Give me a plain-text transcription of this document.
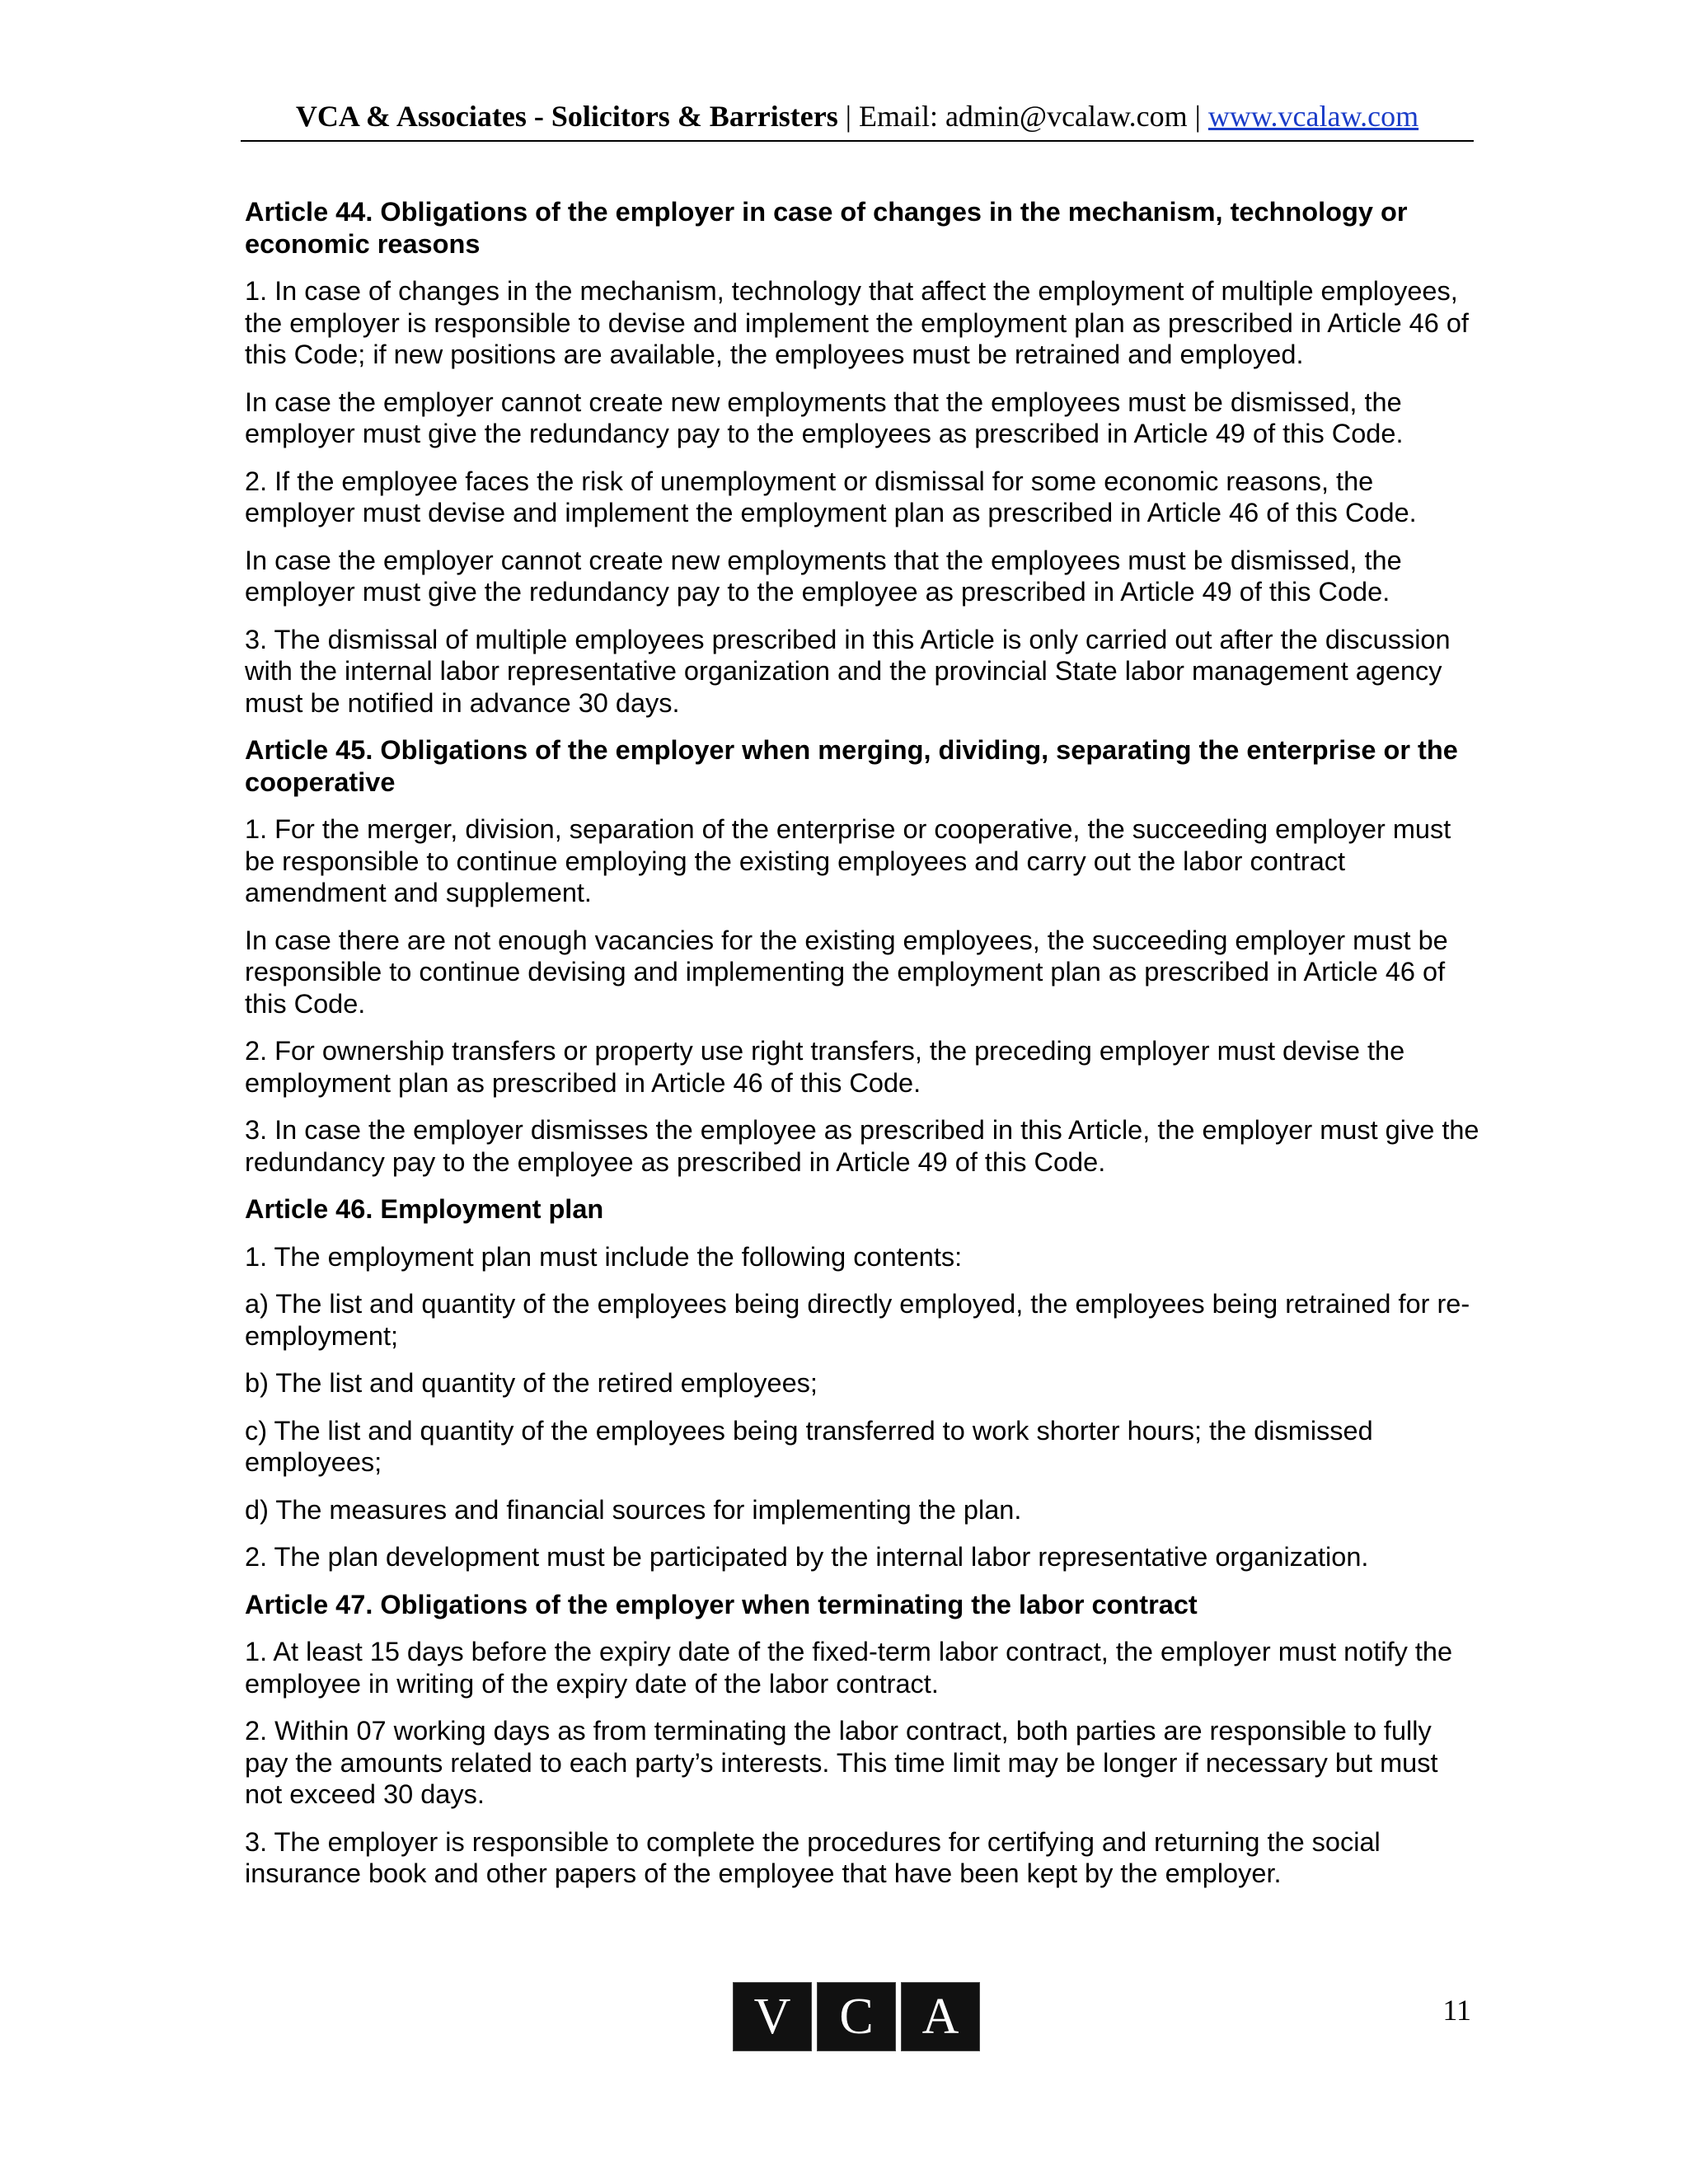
VCA & Associates - Solicitors & Barristers | Email: admin@vcalaw.com | www.vcalaw.com
Article 44. Obligations of the employer in case of changes in the mechanism, technology or economic reasons

1. In case of changes in the mechanism, technology that affect the employment of multiple employees, the employer is responsible to devise and implement the employment plan as prescribed in Article 46 of this Code; if new positions are available, the employees must be retrained and employed.

In case the employer cannot create new employments that the employees must be dismissed, the employer must give the redundancy pay to the employees as prescribed in Article 49 of this Code.

2. If the employee faces the risk of unemployment or dismissal for some economic reasons, the employer must devise and implement the employment plan as prescribed in Article 46 of this Code.

In case the employer cannot create new employments that the employees must be dismissed, the employer must give the redundancy pay to the employee as prescribed in Article 49 of this Code.

3. The dismissal of multiple employees prescribed in this Article is only carried out after the discussion with the internal labor representative organization and the provincial State labor management agency must be notified in advance 30 days.

Article 45. Obligations of the employer when merging, dividing, separating the enterprise or the cooperative

1. For the merger, division, separation of the enterprise or cooperative, the succeeding employer must be responsible to continue employing the existing employees and carry out the labor contract amendment and supplement.

In case there are not enough vacancies for the existing employees, the succeeding employer must be responsible to continue devising and implementing the employment plan as prescribed in Article 46 of this Code.

2. For ownership transfers or property use right transfers, the preceding employer must devise the employment plan as prescribed in Article 46 of this Code.

3. In case the employer dismisses the employee as prescribed in this Article, the employer must give the redundancy pay to the employee as prescribed in Article 49 of this Code.

Article 46. Employment plan

1. The employment plan must include the following contents:

a) The list and quantity of the employees being directly employed, the employees being retrained for re-employment;

b) The list and quantity of the retired employees;

c) The list and quantity of the employees being transferred to work shorter hours; the dismissed employees;

d) The measures and financial sources for implementing the plan.

2. The plan development must be participated by the internal labor representative organization.

Article 47. Obligations of the employer when terminating the labor contract

1. At least 15 days before the expiry date of the fixed-term labor contract, the employer must notify the employee in writing of the expiry date of the labor contract.

2. Within 07 working days as from terminating the labor contract, both parties are responsible to fully pay the amounts related to each party’s interests. This time limit may be longer if necessary but must not exceed 30 days.

3. The employer is responsible to complete the procedures for certifying and returning the social insurance book and other papers of the employee that have been kept by the employer.

V C A	11
